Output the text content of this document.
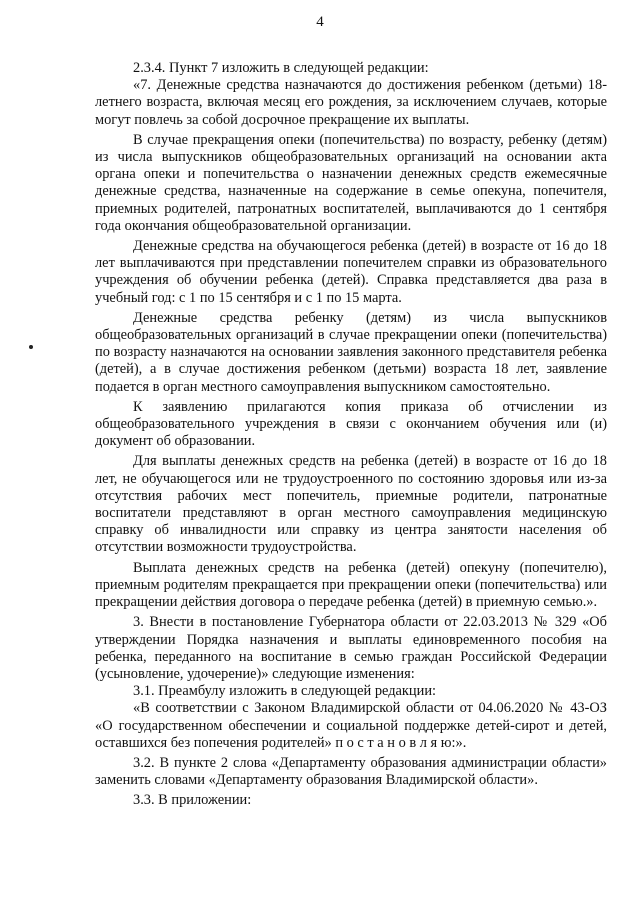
4

2.3.4. Пункт 7 изложить в следующей редакции:

«7. Денежные средства назначаются до достижения ребенком (детьми) 18-летнего возраста, включая месяц его рождения, за исключением случаев, которые могут повлечь за собой досрочное прекращение их выплаты.

В случае прекращения опеки (попечительства) по возрасту, ребенку (детям) из числа выпускников общеобразовательных организаций на основании акта органа опеки и попечительства о назначении денежных средств ежемесячные денежные средства, назначенные на содержание в семье опекуна, попечителя, приемных родителей, патронатных воспитателей, выплачиваются до 1 сентября года окончания общеобразовательной организации.

Денежные средства на обучающегося ребенка (детей) в возрасте от 16 до 18 лет выплачиваются при представлении попечителем справки из образовательного учреждения об обучении ребенка (детей). Справка представляется два раза в учебный год: с 1 по 15 сентября и с 1 по 15 марта.

Денежные средства ребенку (детям) из числа выпускников общеобразовательных организаций в случае прекращении опеки (попечительства) по возрасту назначаются на основании заявления законного представителя ребенка (детей), а в случае достижения ребенком (детьми) возраста 18 лет, заявление подается в орган местного самоуправления выпускником самостоятельно.

К заявлению прилагаются копия приказа об отчислении из общеобразовательного учреждения в связи с окончанием обучения или (и) документ об образовании.

Для выплаты денежных средств на ребенка (детей) в возрасте от 16 до 18 лет, не обучающегося или не трудоустроенного по состоянию здоровья или из-за отсутствия рабочих мест попечитель, приемные родители, патронатные воспитатели представляют в орган местного самоуправления медицинскую справку об инвалидности или справку из центра занятости населения об отсутствии возможности трудоустройства.

Выплата денежных средств на ребенка (детей) опекуну (попечителю), приемным родителям прекращается при прекращении опеки (попечительства) или прекращении действия договора о передаче ребенка (детей) в приемную семью.».

3. Внести в постановление Губернатора области от 22.03.2013 № 329 «Об утверждении Порядка назначения и выплаты единовременного пособия на ребенка, переданного на воспитание в семью граждан Российской Федерации (усыновление, удочерение)» следующие изменения:

3.1. Преамбулу изложить в следующей редакции:

«В соответствии с Законом Владимирской области от 04.06.2020 № 43-ОЗ «О государственном обеспечении и социальной поддержке детей-сирот и детей, оставшихся без попечения родителей» п о с т а н о в л я ю:».

3.2. В пункте 2 слова «Департаменту образования администрации области» заменить словами «Департаменту образования Владимирской области».

3.3. В приложении:
